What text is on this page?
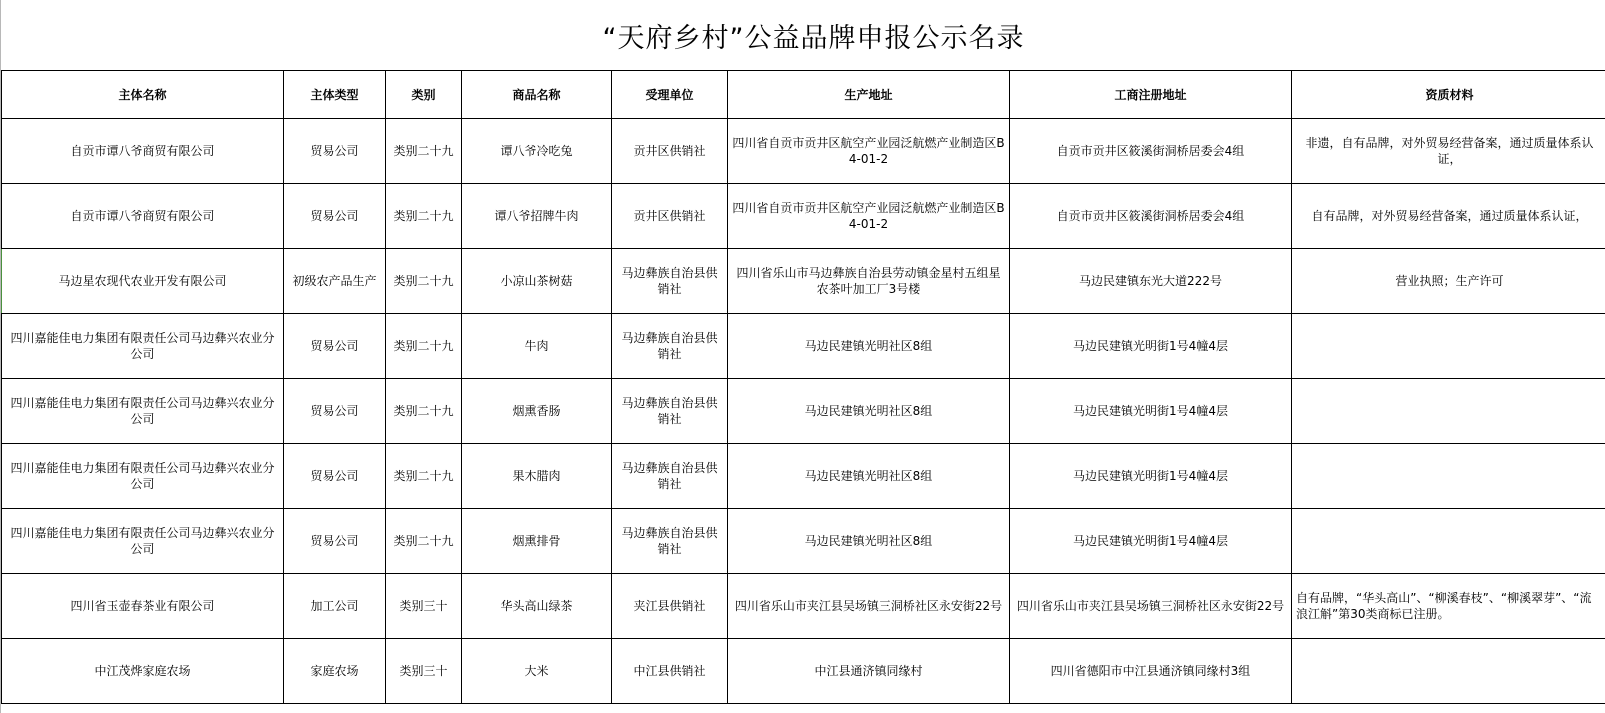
“天府乡村”公益品牌申报公示名录
主体名称	主体类型	类别	商品名称	受理单位	生产地址	工商注册地址	资质材料
自贡市谭八爷商贸有限公司	贸易公司	类别二十九	谭八爷冷吃兔	贡井区供销社	四川省自贡市贡井区航空产业园泛航燃产业制造区B4-01-2	自贡市贡井区筱溪街洞桥居委会4组	非遗，自有品牌，对外贸易经营备案，通过质量体系认证，
自贡市谭八爷商贸有限公司	贸易公司	类别二十九	谭八爷招牌牛肉	贡井区供销社	四川省自贡市贡井区航空产业园泛航燃产业制造区B4-01-2	自贡市贡井区筱溪街洞桥居委会4组	自有品牌，对外贸易经营备案，通过质量体系认证，
马边星农现代农业开发有限公司	初级农产品生产	类别二十九	小凉山茶树菇	马边彝族自治县供销社	四川省乐山市马边彝族自治县劳动镇金星村五组星农茶叶加工厂3号楼	马边民建镇东光大道222号	营业执照；生产许可
四川嘉能佳电力集团有限责任公司马边彝兴农业分公司	贸易公司	类别二十九	牛肉	马边彝族自治县供销社	马边民建镇光明社区8组	马边民建镇光明街1号4幢4层	
四川嘉能佳电力集团有限责任公司马边彝兴农业分公司	贸易公司	类别二十九	烟熏香肠	马边彝族自治县供销社	马边民建镇光明社区8组	马边民建镇光明街1号4幢4层	
四川嘉能佳电力集团有限责任公司马边彝兴农业分公司	贸易公司	类别二十九	果木腊肉	马边彝族自治县供销社	马边民建镇光明社区8组	马边民建镇光明街1号4幢4层	
四川嘉能佳电力集团有限责任公司马边彝兴农业分公司	贸易公司	类别二十九	烟熏排骨	马边彝族自治县供销社	马边民建镇光明社区8组	马边民建镇光明街1号4幢4层	
四川省玉壶春茶业有限公司	加工公司	类别三十	华头高山绿茶	夹江县供销社	四川省乐山市夹江县吴场镇三洞桥社区永安街22号	四川省乐山市夹江县吴场镇三洞桥社区永安街22号	自有品牌，“华头高山”、“柳溪春枝”、“柳溪翠芽”、“流浪江斛”第30类商标已注册。
中江茂烨家庭农场	家庭农场	类别三十	大米	中江县供销社	中江县通济镇同缘村	四川省德阳市中江县通济镇同缘村3组	
